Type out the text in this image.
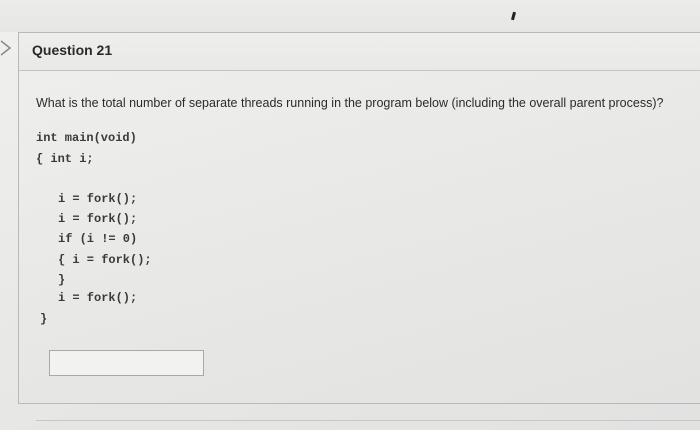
Question 21
What is the total number of separate threads running in the program below (including the overall parent process)?
int main(void)
{ int i;
i = fork();
i = fork();
if (i != 0)
{ i = fork();
}
i = fork();
}
